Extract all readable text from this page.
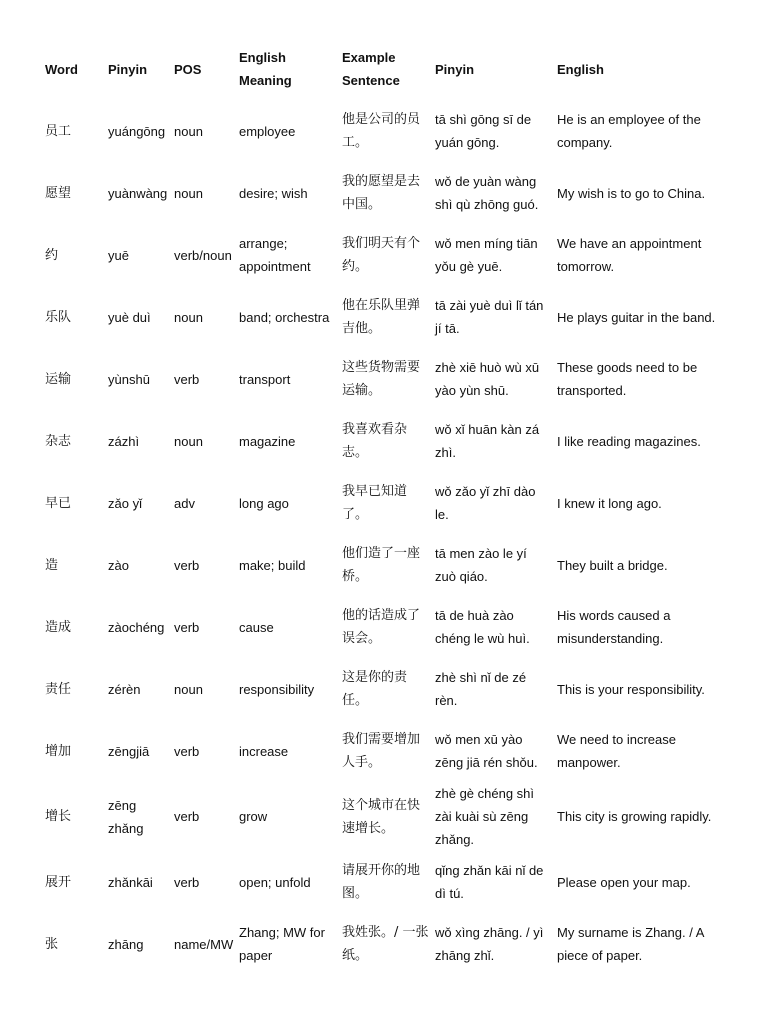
Word	Pinyin	POS	English Meaning	Example Sentence	Pinyin	English
员工	yuángōng	noun	employee	他是公司的员工。	tā shì gōng sī de yuán gōng.	He is an employee of the company.
愿望	yuànwàng	noun	desire; wish	我的愿望是去中国。	wǒ de yuàn wàng shì qù zhōng guó.	My wish is to go to China.
约	yuē	verb/noun	arrange; appointment	我们明天有个约。	wǒ men míng tiān yǒu gè yuē.	We have an appointment tomorrow.
乐队	yuè duì	noun	band; orchestra	他在乐队里弹吉他。	tā zài yuè duì lǐ tán jí tā.	He plays guitar in the band.
运输	yùnshū	verb	transport	这些货物需要运输。	zhè xiē huò wù xū yào yùn shū.	These goods need to be transported.
杂志	zázhì	noun	magazine	我喜欢看杂志。	wǒ xǐ huān kàn zá zhì.	I like reading magazines.
早已	zǎo yǐ	adv	long ago	我早已知道了。	wǒ zǎo yǐ zhī dào le.	I knew it long ago.
造	zào	verb	make; build	他们造了一座桥。	tā men zào le yí zuò qiáo.	They built a bridge.
造成	zàochéng	verb	cause	他的话造成了误会。	tā de huà zào chéng le wù huì.	His words caused a misunderstanding.
责任	zérèn	noun	responsibility	这是你的责任。	zhè shì nǐ de zé rèn.	This is your responsibility.
增加	zēngjiā	verb	increase	我们需要增加人手。	wǒ men xū yào zēng jiā rén shǒu.	We need to increase manpower.
增长	zēng zhǎng	verb	grow	这个城市在快速增长。	zhè gè chéng shì zài kuài sù zēng zhǎng.	This city is growing rapidly.
展开	zhǎnkāi	verb	open; unfold	请展开你的地图。	qǐng zhǎn kāi nǐ de dì tú.	Please open your map.
张	zhāng	name/MW	Zhang; MW for paper	我姓张。/ 一张纸。	wǒ xìng zhāng. / yì zhāng zhǐ.	My surname is Zhang. / A piece of paper.
